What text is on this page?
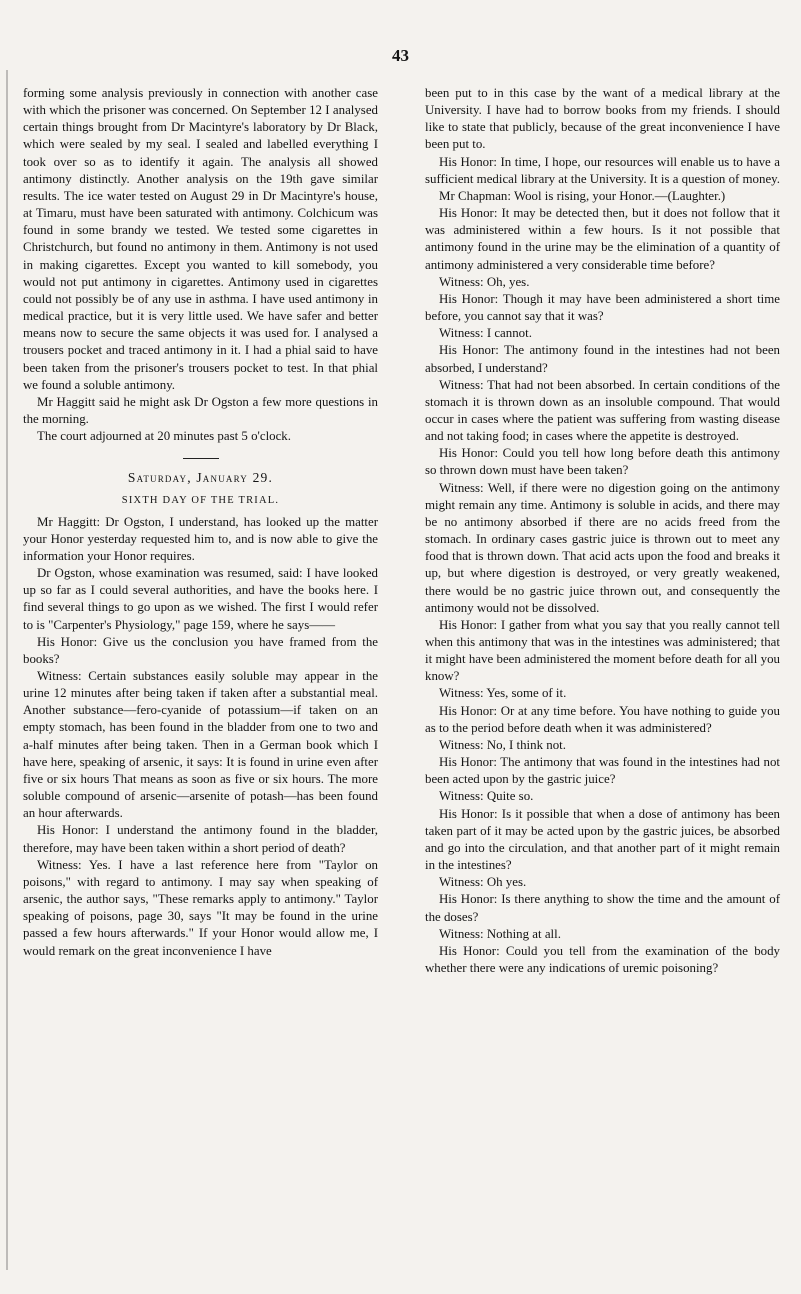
43

forming some analysis previously in connection with another case with which the prisoner was concerned. On September 12 I analysed certain things brought from Dr Macintyre's laboratory by Dr Black, which were sealed by my seal. I sealed and labelled everything I took over so as to identify it again. The analysis all showed antimony distinctly. Another analysis on the 19th gave similar results. The ice water tested on August 29 in Dr Macintyre's house, at Timaru, must have been saturated with antimony. Colchicum was found in some brandy we tested. We tested some cigarettes in Christchurch, but found no antimony in them. Antimony is not used in making cigarettes. Except you wanted to kill somebody, you would not put antimony in cigarettes. Antimony used in cigarettes could not possibly be of any use in asthma. I have used antimony in medical practice, but it is very little used. We have safer and better means now to secure the same objects it was used for. I analysed a trousers pocket and traced antimony in it. I had a phial said to have been taken from the prisoner's trousers pocket to test. In that phial we found a soluble antimony.

Mr Haggitt said he might ask Dr Ogston a few more questions in the morning.

The court adjourned at 20 minutes past 5 o'clock.

Saturday, January 29.
SIXTH DAY OF THE TRIAL.

Mr Haggitt: Dr Ogston, I understand, has looked up the matter your Honor yesterday requested him to, and is now able to give the information your Honor requires.

Dr Ogston, whose examination was resumed, said: I have looked up so far as I could several authorities, and have the books here. I find several things to go upon as we wished. The first I would refer to is "Carpenter's Physiology," page 159, where he says——

His Honor: Give us the conclusion you have framed from the books?

Witness: Certain substances easily soluble may appear in the urine 12 minutes after being taken if taken after a substantial meal. Another substance—fero-cyanide of potassium—if taken on an empty stomach, has been found in the bladder from one to two and a-half minutes after being taken. Then in a German book which I have here, speaking of arsenic, it says: It is found in urine even after five or six hours That means as soon as five or six hours. The more soluble compound of arsenic—arsenite of potash—has been found an hour afterwards.

His Honor: I understand the antimony found in the bladder, therefore, may have been taken within a short period of death?

Witness: Yes. I have a last reference here from "Taylor on poisons," with regard to antimony. I may say when speaking of arsenic, the author says, "These remarks apply to antimony." Taylor speaking of poisons, page 30, says "It may be found in the urine passed a few hours afterwards." If your Honor would allow me, I would remark on the great inconvenience I have

been put to in this case by the want of a medical library at the University. I have had to borrow books from my friends. I should like to state that publicly, because of the great inconvenience I have been put to.

His Honor: In time, I hope, our resources will enable us to have a sufficient medical library at the University. It is a question of money.

Mr Chapman: Wool is rising, your Honor.—(Laughter.)

His Honor: It may be detected then, but it does not follow that it was administered within a few hours. Is it not possible that antimony found in the urine may be the elimination of a quantity of antimony administered a very considerable time before?

Witness: Oh, yes.

His Honor: Though it may have been administered a short time before, you cannot say that it was?

Witness: I cannot.

His Honor: The antimony found in the intestines had not been absorbed, I understand?

Witness: That had not been absorbed. In certain conditions of the stomach it is thrown down as an insoluble compound. That would occur in cases where the patient was suffering from wasting disease and not taking food; in cases where the appetite is destroyed.

His Honor: Could you tell how long before death this antimony so thrown down must have been taken?

Witness: Well, if there were no digestion going on the antimony might remain any time. Antimony is soluble in acids, and there may be no antimony absorbed if there are no acids freed from the stomach. In ordinary cases gastric juice is thrown out to meet any food that is thrown down. That acid acts upon the food and breaks it up, but where digestion is destroyed, or very greatly weakened, there would be no gastric juice thrown out, and consequently the antimony would not be dissolved.

His Honor: I gather from what you say that you really cannot tell when this antimony that was in the intestines was administered; that it might have been administered the moment before death for all you know?

Witness: Yes, some of it.

His Honor: Or at any time before. You have nothing to guide you as to the period before death when it was administered?

Witness: No, I think not.

His Honor: The antimony that was found in the intestines had not been acted upon by the gastric juice?

Witness: Quite so.

His Honor: Is it possible that when a dose of antimony has been taken part of it may be acted upon by the gastric juices, be absorbed and go into the circulation, and that another part of it might remain in the intestines?

Witness: Oh yes.

His Honor: Is there anything to show the time and the amount of the doses?

Witness: Nothing at all.

His Honor: Could you tell from the examination of the body whether there were any indications of uremic poisoning?
